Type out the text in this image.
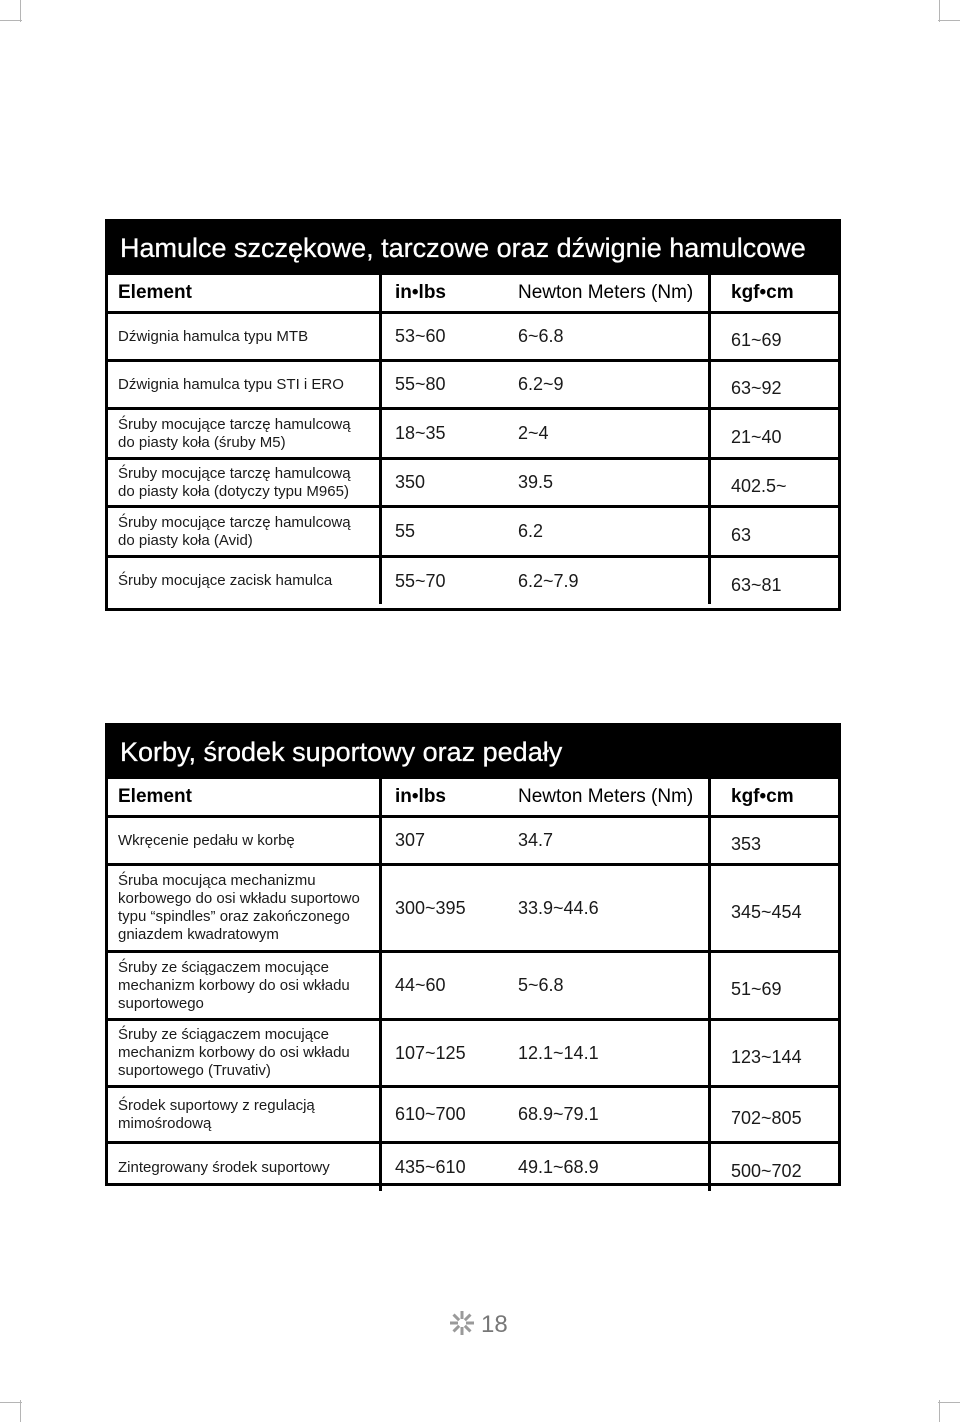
Hamulce szczękowe, tarczowe oraz dźwignie hamulcowe
Element	in•lbs	Newton Meters (Nm)	kgf•cm
Dźwignia hamulca typu MTB	53~60	6~6.8	61~69
Dźwignia hamulca typu STI i ERO	55~80	6.2~9	63~92
Śruby mocujące tarczę hamulcową
do piasty koła (śruby M5)	18~35	2~4	21~40
Śruby mocujące tarczę hamulcową
do piasty koła (dotyczy typu M965)	350	39.5	402.5~
Śruby mocujące tarczę hamulcową
do piasty koła (Avid)	55	6.2	63
Śruby mocujące zacisk hamulca	55~70	6.2~7.9	63~81
Korby, środek suportowy oraz pedały
Element	in•lbs	Newton Meters (Nm)	kgf•cm
Wkręcenie pedału w korbę	307	34.7	353
Śruba mocująca mechanizmu
korbowego do osi wkładu suportowo
typu “spindles” oraz zakończonego
gniazdem kwadratowym
300~395	33.9~44.6	345~454
Śruby ze ściągaczem mocujące
mechanizm korbowy do osi wkładu
suportowego
44~60	5~6.8	51~69
Śruby ze ściągaczem mocujące
mechanizm korbowy do osi wkładu
suportowego (Truvativ)
107~125	12.1~14.1	123~144
Środek suportowy z regulacją
mimośrodową	610~700	68.9~79.1	702~805
Zintegrowany środek suportowy	435~610	49.1~68.9	500~702
18
